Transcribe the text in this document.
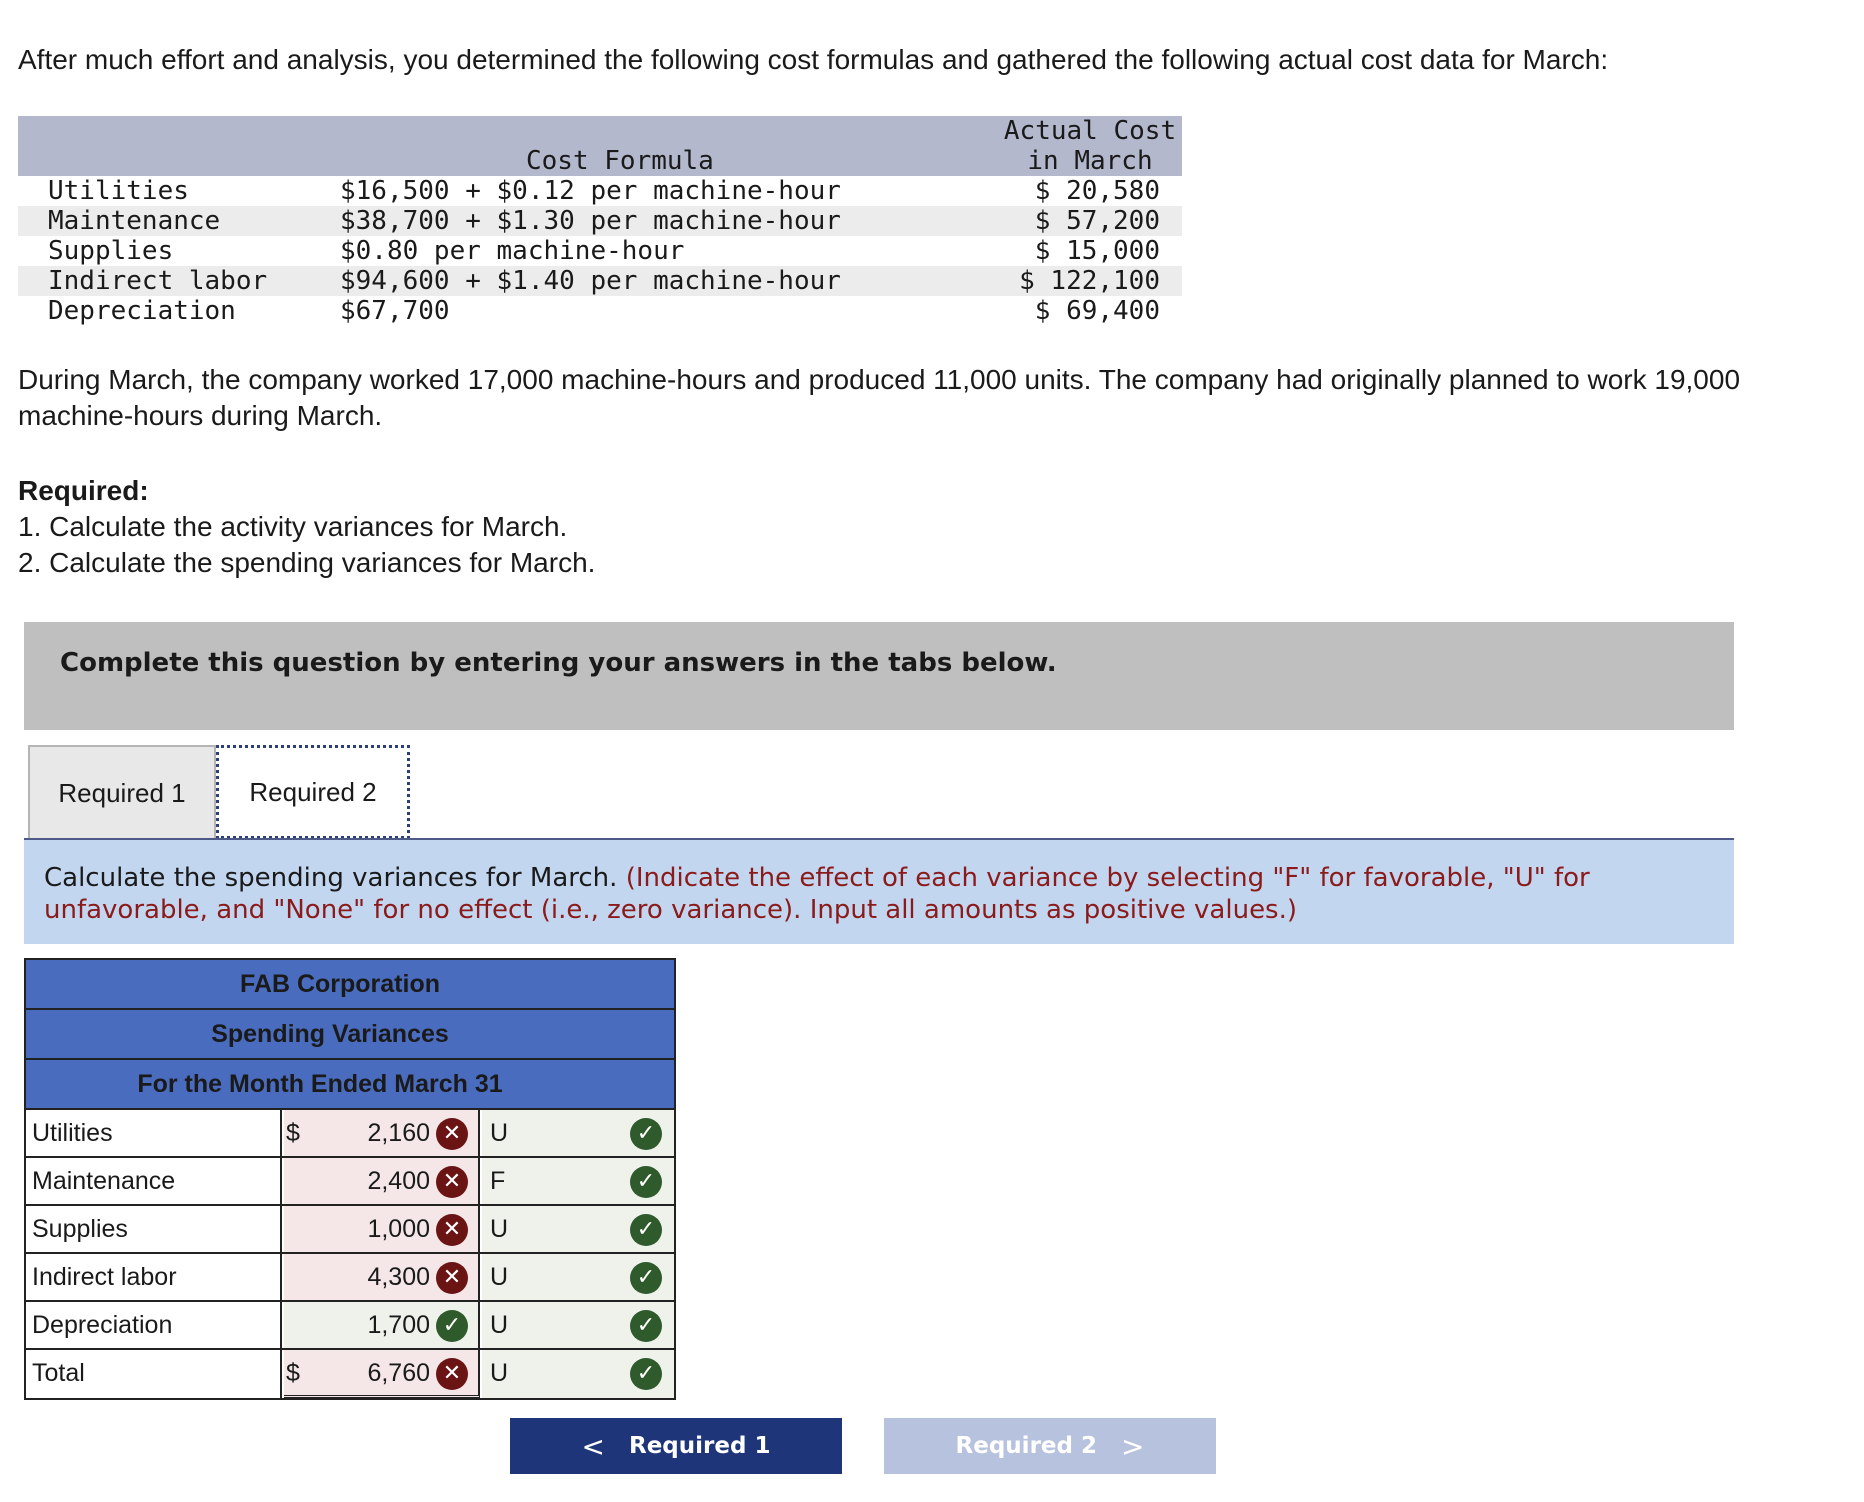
After much effort and analysis, you determined the following cost formulas and gathered the following actual cost data for March:

Cost Formula
Actual Cost
in March
Utilities	$16,500 + $0.12 per machine-hour	$ 20,580
Maintenance	$38,700 + $1.30 per machine-hour	$ 57,200
Supplies	$0.80 per machine-hour	$ 15,000
Indirect labor	$94,600 + $1.40 per machine-hour	$ 122,100
Depreciation	$67,700	$ 69,400

During March, the company worked 17,000 machine-hours and produced 11,000 units. The company had originally planned to work 19,000 machine-hours during March.

Required:

1. Calculate the activity variances for March.

2. Calculate the spending variances for March.

Complete this question by entering your answers in the tabs below.
Required 1	Required 2
Calculate the spending variances for March. (Indicate the effect of each variance by selecting "F" for favorable, "U" for unfavorable, and "None" for no effect (i.e., zero variance). Input all amounts as positive values.)
FAB Corporation
Spending Variances
For the Month Ended March 31
Utilities	$	2,160 ✕ U	✓
Maintenance	2,400 ✕ F	✓
Supplies	1,000 ✕ U	✓
Indirect labor	4,300 ✕ U	✓
Depreciation	1,700 ✓ U	✓
Total	$	6,760 ✕ U	✓
< Required 1	Required 2 >
